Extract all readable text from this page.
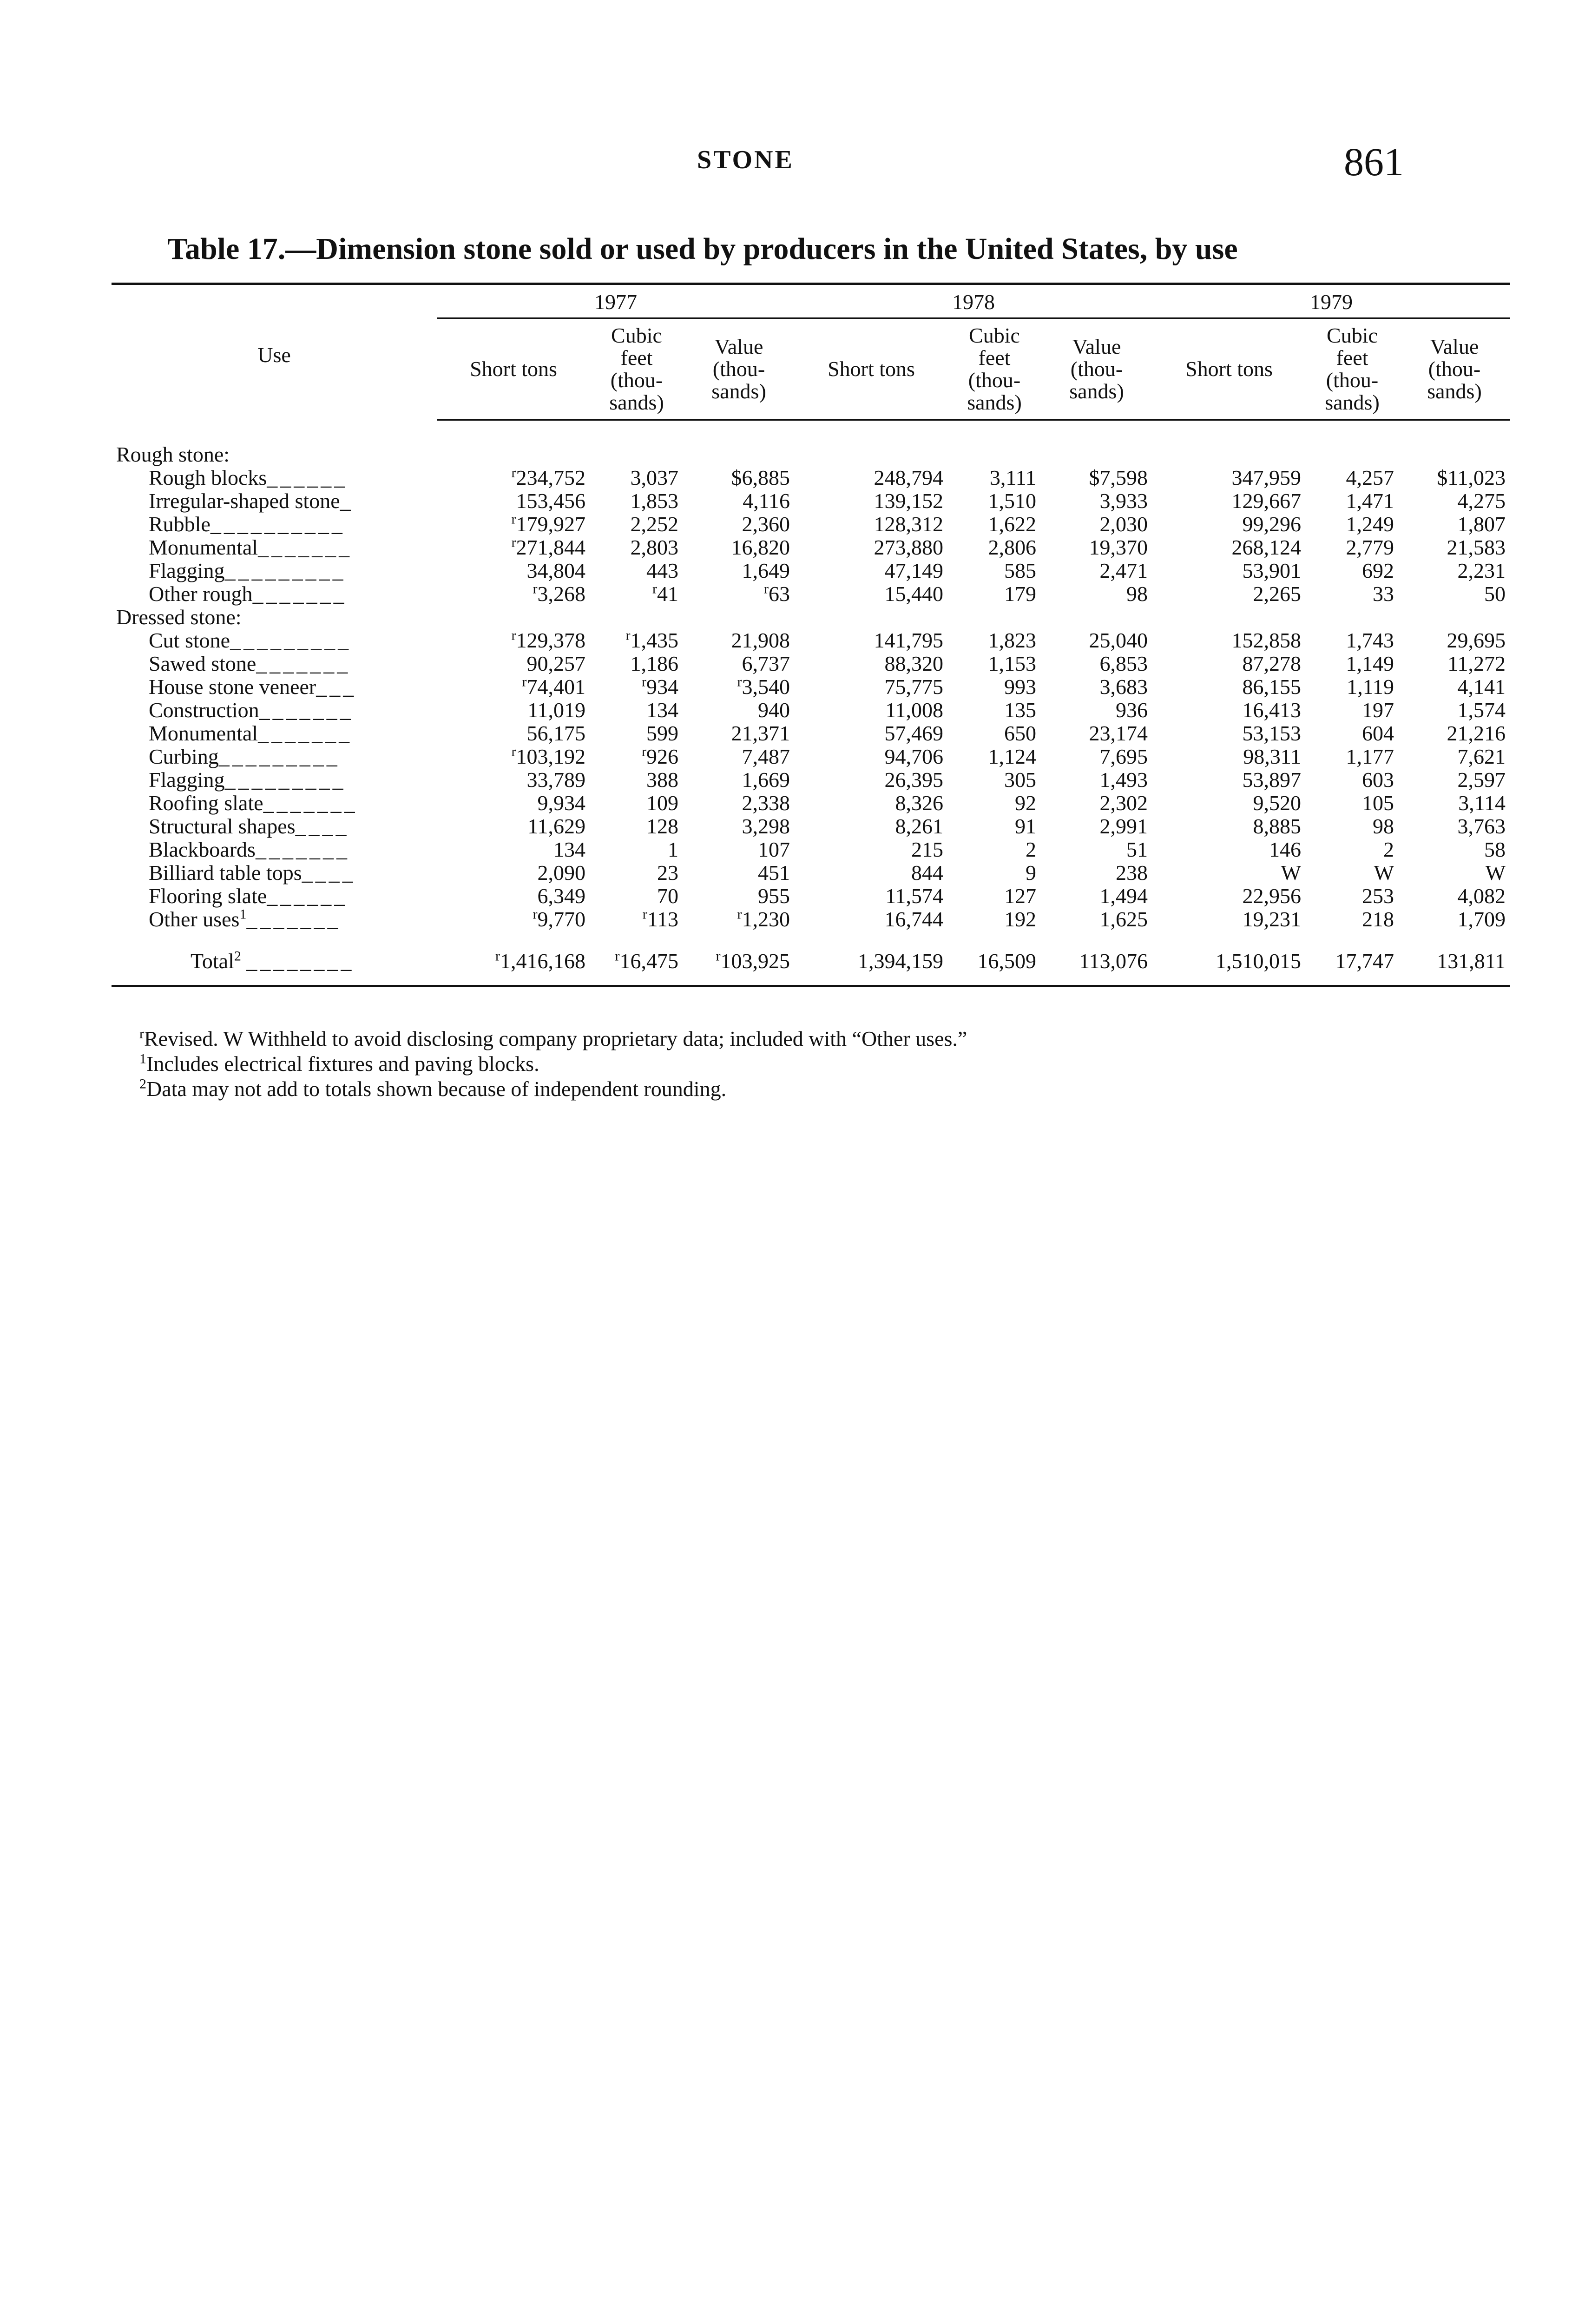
STONE	861
Table 17.—Dimension stone sold or used by producers in the United States, by use

Use	1977			1978			1979		
	Short tons	Cubic feet (thou- sands)	Value (thou- sands)	Short tons	Cubic feet (thou- sands)	Value (thou- sands)	Short tons	Cubic feet (thou- sands)	Value (thou- sands)
Rough stone:									
Rough blocks______	$^r$234,752	3,037	$6,885	248,794	3,111	$7,598	347,959	4,257	$11,023
Irregular-shaped stone_	153,456	1,853	4,116	139,152	1,510	3,933	129,667	1,471	4,275
Rubble__________	$^r$179,927	2,252	2,360	128,312	1,622	2,030	99,296	1,249	1,807
Monumental_______	$^r$271,844	2,803	16,820	273,880	2,806	19,370	268,124	2,779	21,583
Flagging_________	34,804	443	1,649	47,149	585	2,471	53,901	692	2,231
Other rough_______	$^r$3,268	$^r$41	$^r$63	15,440	179	98	2,265	33	50
Dressed stone:									
Cut stone_________	$^r$129,378	$^r$1,435	21,908	141,795	1,823	25,040	152,858	1,743	29,695
Sawed stone_______	90,257	1,186	6,737	88,320	1,153	6,853	87,278	1,149	11,272
House stone veneer___	$^r$74,401	$^r$934	$^r$3,540	75,775	993	3,683	86,155	1,119	4,141
Construction_______	11,019	134	940	11,008	135	936	16,413	197	1,574
Monumental_______	56,175	599	21,371	57,469	650	23,174	53,153	604	21,216
Curbing_________	$^r$103,192	$^r$926	7,487	94,706	1,124	7,695	98,311	1,177	7,621
Flagging_________	33,789	388	1,669	26,395	305	1,493	53,897	603	2,597
Roofing slate_______	9,934	109	2,338	8,326	92	2,302	9,520	105	3,114
Structural shapes____	11,629	128	3,298	8,261	91	2,991	8,885	98	3,763
Blackboards_______	134	1	107	215	2	51	146	2	58
Billiard table tops____	2,090	23	451	844	9	238	W	W	W
Flooring slate______	6,349	70	955	11,574	127	1,494	22,956	253	4,082
Other uses$^1$_______	$^r$9,770	$^r$113	$^r$1,230	16,744	192	1,625	19,231	218	1,709
Total$^2$ ________	$^r$1,416,168	$^r$16,475	$^r$103,925	1,394,159	16,509	113,076	1,510,015	17,747	131,811
$^r$Revised. W Withheld to avoid disclosing company proprietary data; included with “Other uses.”
$^1$Includes electrical fixtures and paving blocks.
$^2$Data may not add to totals shown because of independent rounding.
